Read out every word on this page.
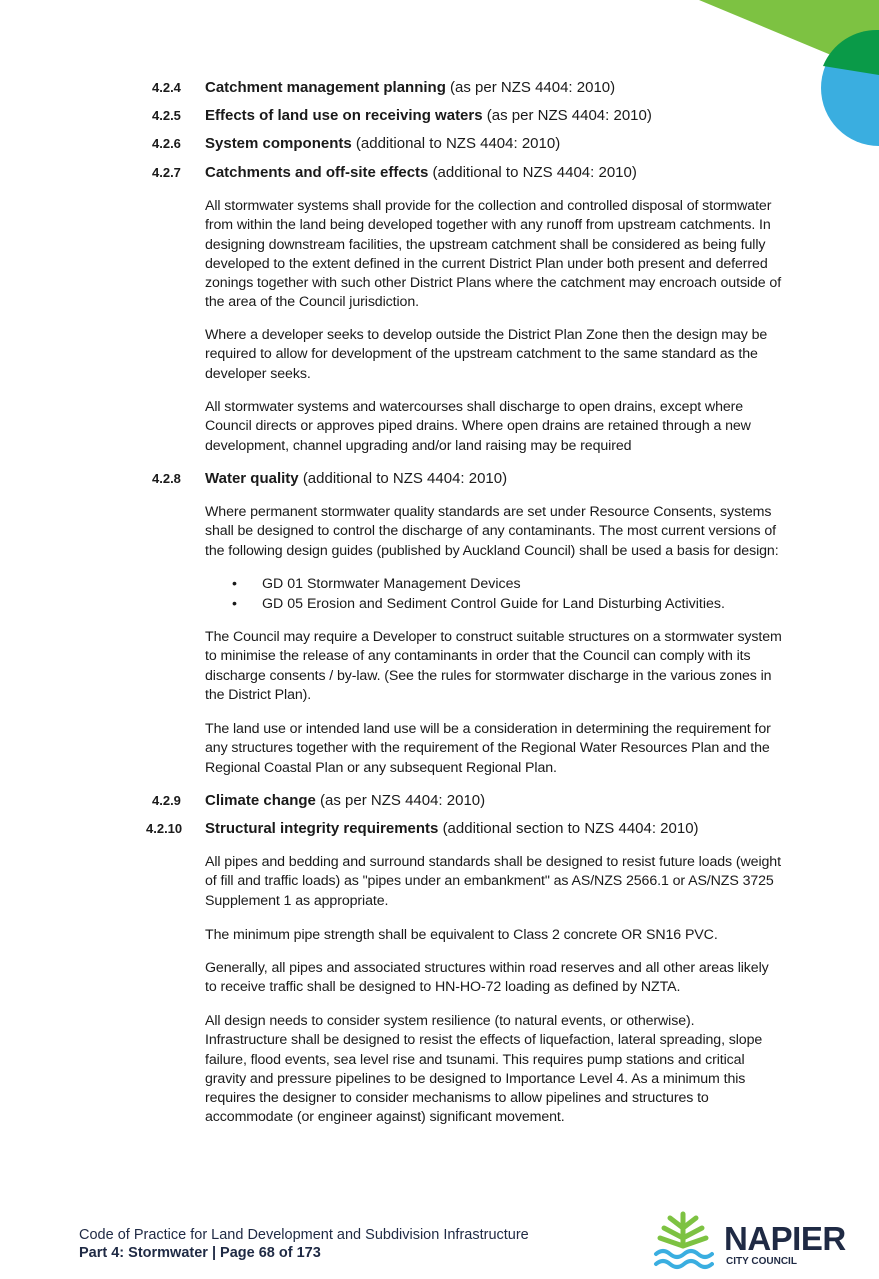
4.2.4 Catchment management planning (as per NZS 4404: 2010)
4.2.5 Effects of land use on receiving waters (as per NZS 4404: 2010)
4.2.6 System components (additional to NZS 4404: 2010)
4.2.7 Catchments and off-site effects (additional to NZS 4404: 2010)
All stormwater systems shall provide for the collection and controlled disposal of stormwater
from within the land being developed together with any runoff from upstream catchments. In
designing downstream facilities, the upstream catchment shall be considered as being fully
developed to the extent defined in the current District Plan under both present and deferred
zonings together with such other District Plans where the catchment may encroach outside of
the area of the Council jurisdiction.
Where a developer seeks to develop outside the District Plan Zone then the design may be
required to allow for development of the upstream catchment to the same standard as the
developer seeks.
All stormwater systems and watercourses shall discharge to open drains, except where
Council directs or approves piped drains. Where open drains are retained through a new
development, channel upgrading and/or land raising may be required
4.2.8 Water quality (additional to NZS 4404: 2010)
Where permanent stormwater quality standards are set under Resource Consents, systems
shall be designed to control the discharge of any contaminants. The most current versions of
the following design guides (published by Auckland Council) shall be used a basis for design:
• GD 01 Stormwater Management Devices
• GD 05 Erosion and Sediment Control Guide for Land Disturbing Activities.
The Council may require a Developer to construct suitable structures on a stormwater system
to minimise the release of any contaminants in order that the Council can comply with its
discharge consents / by-law. (See the rules for stormwater discharge in the various zones in
the District Plan).
The land use or intended land use will be a consideration in determining the requirement for
any structures together with the requirement of the Regional Water Resources Plan and the
Regional Coastal Plan or any subsequent Regional Plan.
4.2.9 Climate change (as per NZS 4404: 2010)
4.2.10 Structural integrity requirements (additional section to NZS 4404: 2010)
All pipes and bedding and surround standards shall be designed to resist future loads (weight
of fill and traffic loads) as "pipes under an embankment" as AS/NZS 2566.1 or AS/NZS 3725
Supplement 1 as appropriate.
The minimum pipe strength shall be equivalent to Class 2 concrete OR SN16 PVC.
Generally, all pipes and associated structures within road reserves and all other areas likely
to receive traffic shall be designed to HN-HO-72 loading as defined by NZTA.
All design needs to consider system resilience (to natural events, or otherwise).
Infrastructure shall be designed to resist the effects of liquefaction, lateral spreading, slope
failure, flood events, sea level rise and tsunami. This requires pump stations and critical
gravity and pressure pipelines to be designed to Importance Level 4. As a minimum this
requires the designer to consider mechanisms to allow pipelines and structures to
accommodate (or engineer against) significant movement.
Code of Practice for Land Development and Subdivision Infrastructure
Part 4: Stormwater | Page 68 of 173	NAPIER
CITY COUNCIL
